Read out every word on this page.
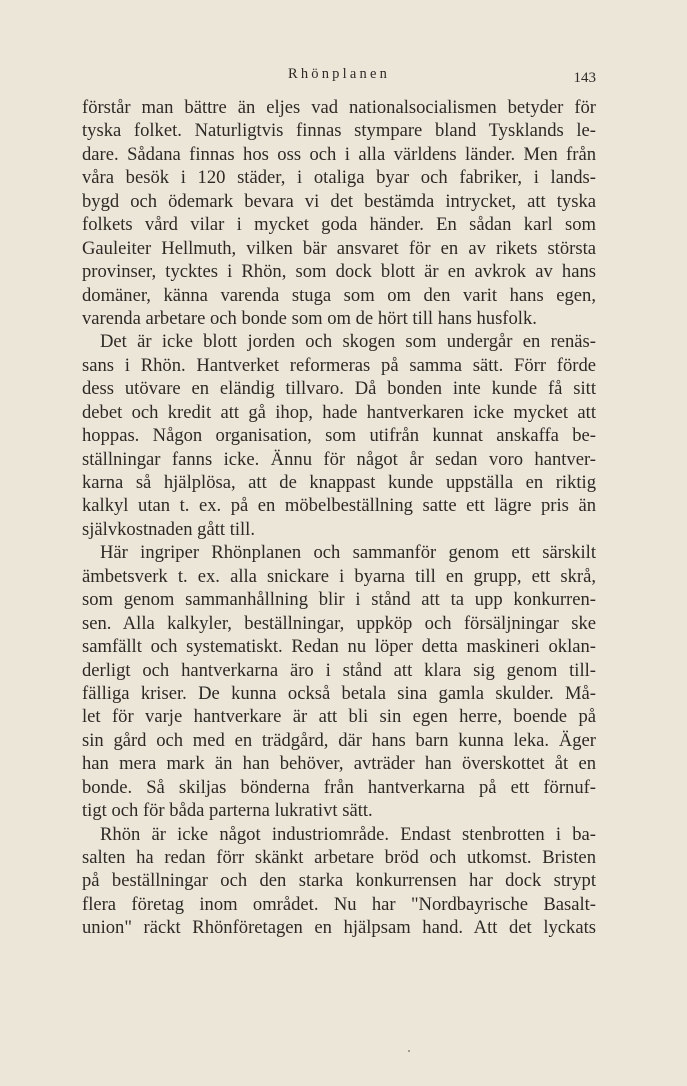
Rhönplanen	143
förstår man bättre än eljes vad nationalsocialismen betyder för
tyska folket. Naturligtvis finnas stympare bland Tysklands le-
dare. Sådana finnas hos oss och i alla världens länder. Men från
våra besök i 120 städer, i otaliga byar och fabriker, i lands-
bygd och ödemark bevara vi det bestämda intrycket, att tyska
folkets vård vilar i mycket goda händer. En sådan karl som
Gauleiter Hellmuth, vilken bär ansvaret för en av rikets största
provinser, tycktes i Rhön, som dock blott är en avkrok av hans
domäner, känna varenda stuga som om den varit hans egen,
varenda arbetare och bonde som om de hört till hans husfolk.
Det är icke blott jorden och skogen som undergår en renäs-
sans i Rhön. Hantverket reformeras på samma sätt. Förr förde
dess utövare en eländig tillvaro. Då bonden inte kunde få sitt
debet och kredit att gå ihop, hade hantverkaren icke mycket att
hoppas. Någon organisation, som utifrån kunnat anskaffa be-
ställningar fanns icke. Ännu för något år sedan voro hantver-
karna så hjälplösa, att de knappast kunde uppställa en riktig
kalkyl utan t. ex. på en möbelbeställning satte ett lägre pris än
självkostnaden gått till.
Här ingriper Rhönplanen och sammanför genom ett särskilt
ämbetsverk t. ex. alla snickare i byarna till en grupp, ett skrå,
som genom sammanhållning blir i stånd att ta upp konkurren-
sen. Alla kalkyler, beställningar, uppköp och försäljningar ske
samfällt och systematiskt. Redan nu löper detta maskineri oklan-
derligt och hantverkarna äro i stånd att klara sig genom till-
fälliga kriser. De kunna också betala sina gamla skulder. Må-
let för varje hantverkare är att bli sin egen herre, boende på
sin gård och med en trädgård, där hans barn kunna leka. Äger
han mera mark än han behöver, avträder han överskottet åt en
bonde. Så skiljas bönderna från hantverkarna på ett förnuf-
tigt och för båda parterna lukrativt sätt.
Rhön är icke något industriområde. Endast stenbrotten i ba-
salten ha redan förr skänkt arbetare bröd och utkomst. Bristen
på beställningar och den starka konkurrensen har dock strypt
flera företag inom området. Nu har "Nordbayrische Basalt-
union" räckt Rhönföretagen en hjälpsam hand. Att det lyckats
